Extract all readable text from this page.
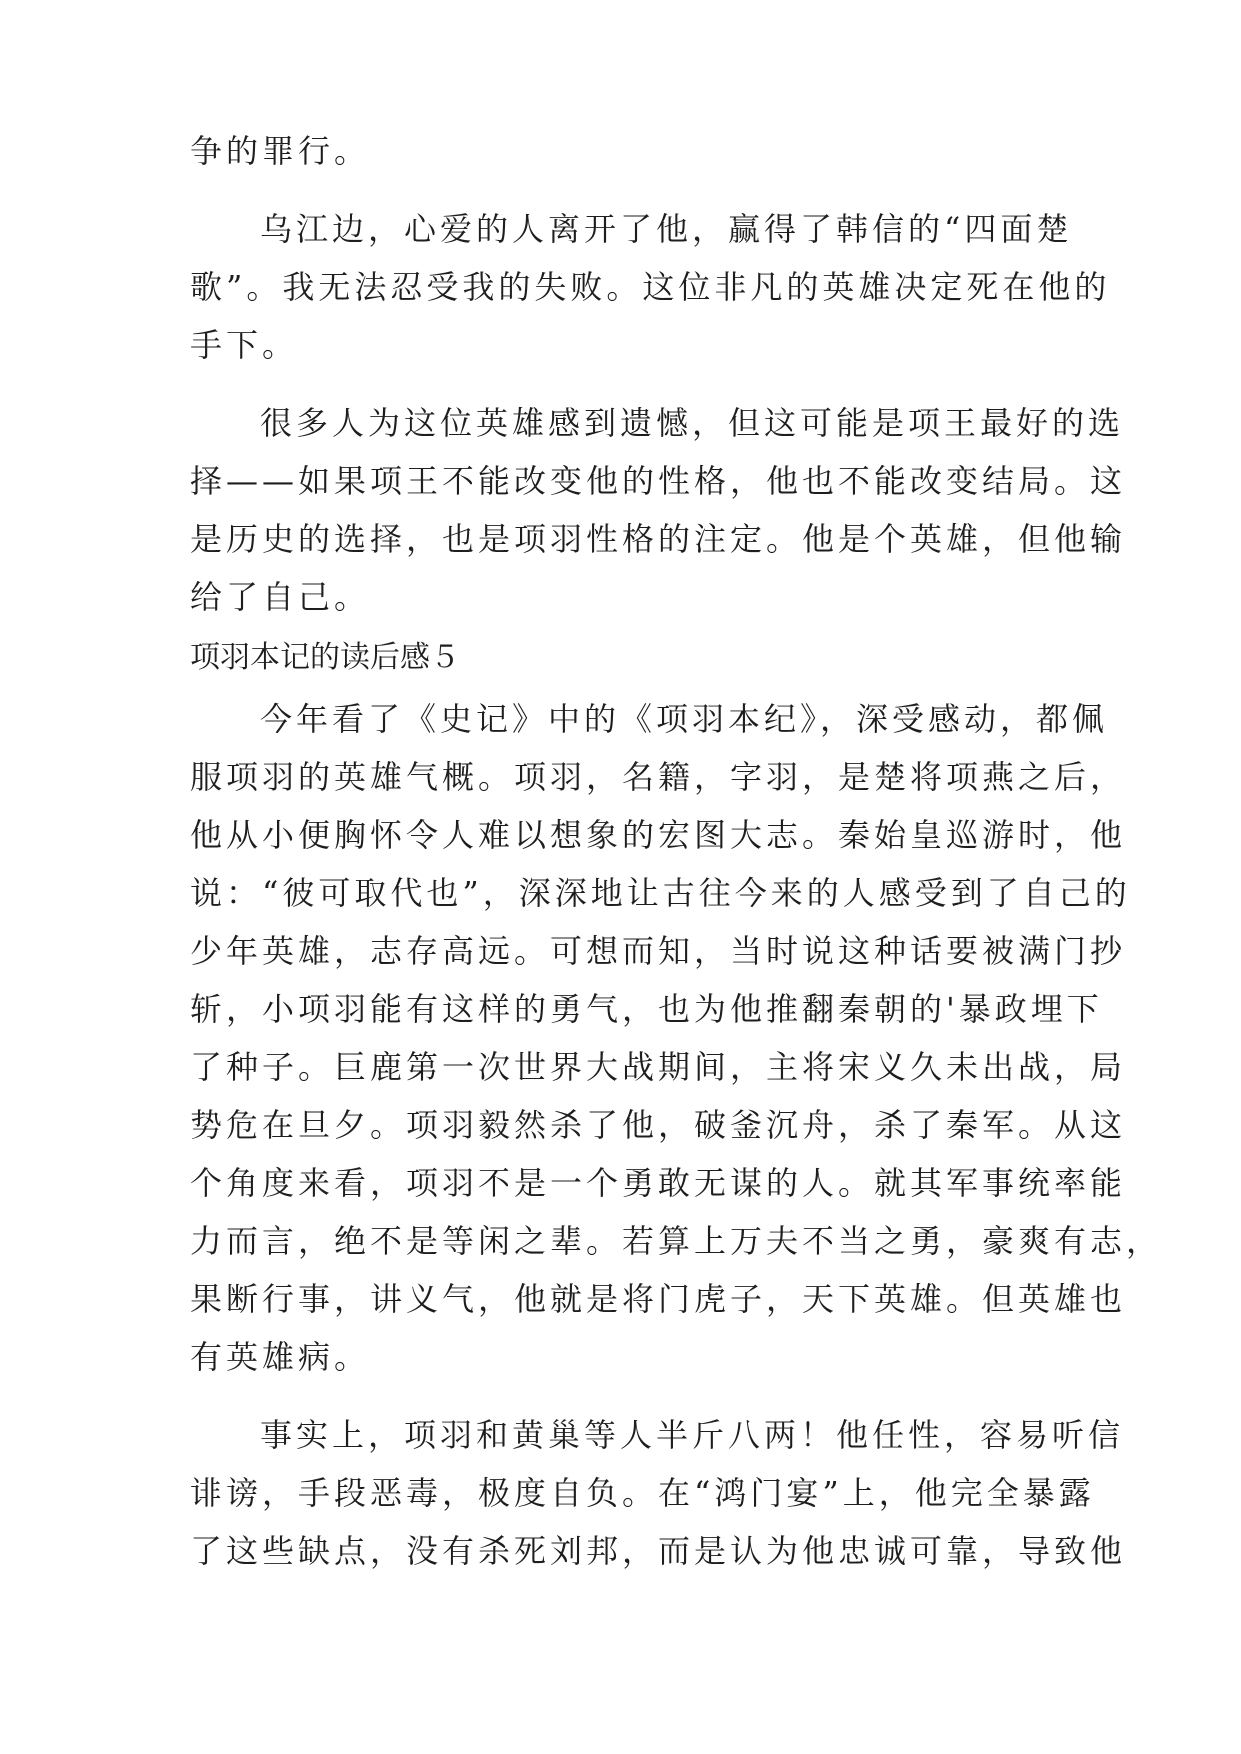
争的罪行。
乌江边，心爱的人离开了他，赢得了韩信的“四面楚
歌”。我无法忍受我的失败。这位非凡的英雄决定死在他的
手下。
很多人为这位英雄感到遗憾，但这可能是项王最好的选
择——如果项王不能改变他的性格，他也不能改变结局。这
是历史的选择，也是项羽性格的注定。他是个英雄，但他输
给了自己。
项羽本记的读后感５
今年看了《史记》中的《项羽本纪》，深受感动，都佩
服项羽的英雄气概。项羽，名籍，字羽，是楚将项燕之后，
他从小便胸怀令人难以想象的宏图大志。秦始皇巡游时，他
说：“彼可取代也”，深深地让古往今来的人感受到了自己的
少年英雄，志存高远。可想而知，当时说这种话要被满门抄
斩，小项羽能有这样的勇气，也为他推翻秦朝的'暴政埋下
了种子。巨鹿第一次世界大战期间，主将宋义久未出战，局
势危在旦夕。项羽毅然杀了他，破釜沉舟，杀了秦军。从这
个角度来看，项羽不是一个勇敢无谋的人。就其军事统率能
力而言，绝不是等闲之辈。若算上万夫不当之勇，豪爽有志，
果断行事，讲义气，他就是将门虎子，天下英雄。但英雄也
有英雄病。
事实上，项羽和黄巢等人半斤八两！他任性，容易听信
诽谤，手段恶毒，极度自负。在“鸿门宴”上，他完全暴露
了这些缺点，没有杀死刘邦，而是认为他忠诚可靠，导致他
